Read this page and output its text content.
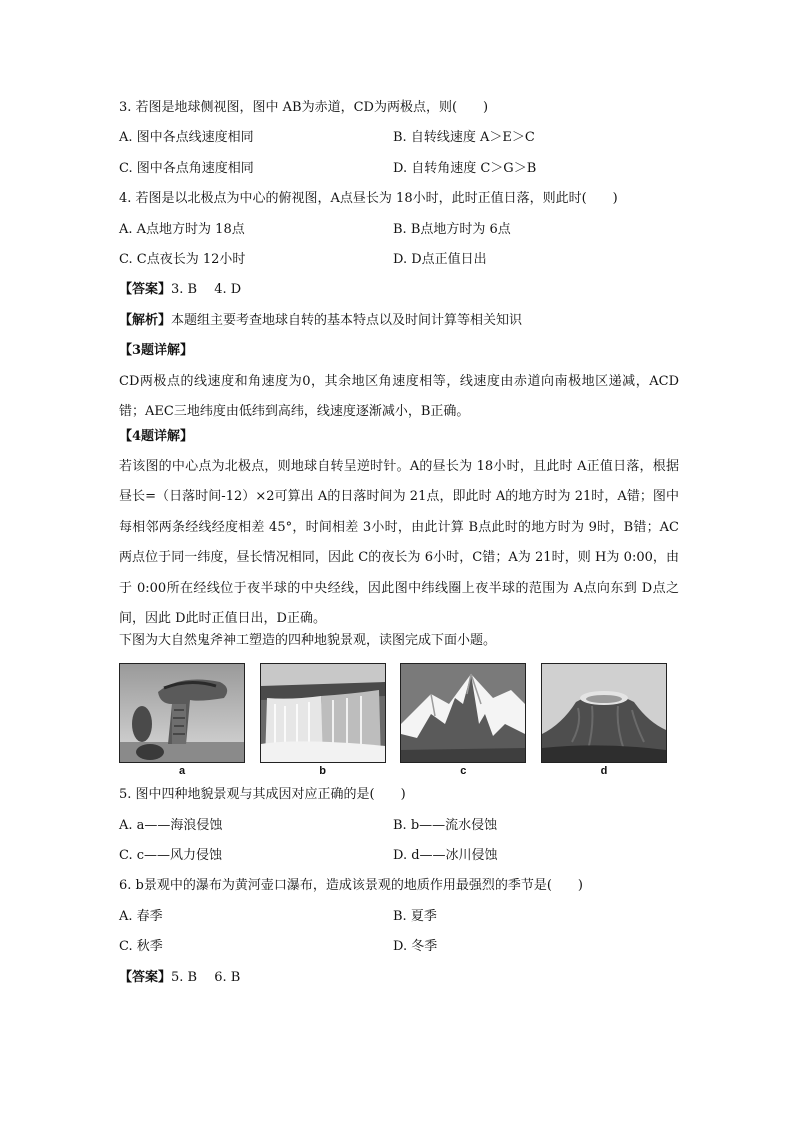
3. 若图是地球侧视图，图中 AB为赤道，CD为两极点，则(　　)
A. 图中各点线速度相同	B. 自转线速度 A＞E＞C
C. 图中各点角速度相同	D. 自转角速度 C＞G＞B
4. 若图是以北极点为中心的俯视图，A点昼长为 18小时，此时正值日落，则此时(　　)
A. A点地方时为 18点	B. B点地方时为 6点
C. C点夜长为 12小时	D. D点正值日出
【答案】3. B　 4. D
【解析】本题组主要考查地球自转的基本特点以及时间计算等相关知识
【3题详解】
CD两极点的线速度和角速度为0，其余地区角速度相等，线速度由赤道向南极地区递减，ACD错；AEC三地纬度由低纬到高纬，线速度逐渐减小，B正确。
【4题详解】
若该图的中心点为北极点，则地球自转呈逆时针。A的昼长为 18小时，且此时 A正值日落，根据昼长=（日落时间-12）×2可算出 A的日落时间为 21点，即此时 A的地方时为 21时，A错；图中每相邻两条经线经度相差 45°，时间相差 3小时，由此计算 B点此时的地方时为 9时，B错；AC两点位于同一纬度，昼长情况相同，因此 C的夜长为 6小时，C错；A为 21时，则 H为 0:00，由于 0:00所在经线位于夜半球的中央经线，因此图中纬线圈上夜半球的范围为 A点向东到 D点之间，因此 D此时正值日出，D正确。
下图为大自然鬼斧神工塑造的四种地貌景观，读图完成下面小题。
a	b	c	d
5. 图中四种地貌景观与其成因对应正确的是(　　)
A. a——海浪侵蚀	B. b——流水侵蚀
C. c——风力侵蚀	D. d——冰川侵蚀
6. b景观中的瀑布为黄河壶口瀑布，造成该景观的地质作用最强烈的季节是(　　)
A. 春季	B. 夏季
C. 秋季	D. 冬季
【答案】5. B　 6. B
